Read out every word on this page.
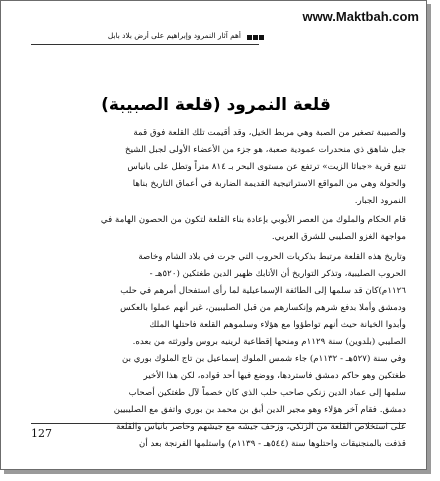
www.Maktbah.com
أهم آثار النمرود وإبراهيم على أرض بلاد بابل
قلعة النمرود (قلعة الصبيبة)
والصبيبة تصغير من الصبة وهي مربط الخيل، وقد أقيمت تلك القلعة فوق قمة
جبل شاهق ذي منحدرات عمودية صعبة، هو جزء من الأعضاء الأولى لجبل الشيخ
تتبع قرية «جباثا الزيت» ترتفع عن مستوى البحر بـ ٨١٤ متراً وتطل على بانياس
والحولة وهي من المواقع الاستراتيجية القديمة الضاربة في أعماق التاريخ بناها
النمرود الجبار.
قام الحكام والملوك من العصر الأيوبي بإعادة بناء القلعة لتكون من الحصون الهامة في
مواجهة الغزو الصليبي للشرق العربي.
وتاريخ هذه القلعة مرتبط بذكريات الحروب التي جرت في بلاد الشام وخاصة
الحروب الصليبية، وتذكر التواريخ أن الأتابك ظهير الدين طغتكين (٥٢٠هـ -
١١٢٦م)كان قد سلمها إلى الطائفة الإسماعيلية لما رأى استفحال أمرهم في حلب
ودمشق وأملا بدفع شرهم وإنكسارهم من قبل الصليبيين، غير أنهم عملوا بالعكس
وأبدوا الخيانة حيث أنهم تواطؤوا مع هؤلاء وسلموهم القلعة فاحتلها الملك
الصليبي (بلدوين) سنة ١١٢٩م ومنحها إقطاعية لرينيه بروس ولورثته من بعده.
وفي سنة (٥٢٧هـ - ١١٣٢م) جاء شمس الملوك إسماعيل بن تاج الملوك بوري بن
طغتكين وهو حاكم دمشق فاستردها، ووضع فيها أحد قواده، لكن هذا الأخير
سلمها إلى عماد الدين زنكي صاحب حلب الذي كان خصماً لآل طغتكين أصحاب
دمشق. فقام آخر هؤلاء وهو مجير الدين أبق بن محمد بن بوري واتفق مع الصليبيين
على استخلاص القلعة من الزنكي، وزحف جيشه مع جيشهم وحاصر بانياس والقلعة
قذفت بالمنجنيقات واحتلوها سنة (٥٤٤هـ - ١١٣٩م) واستلمها الفرنجة بعد أن
127
